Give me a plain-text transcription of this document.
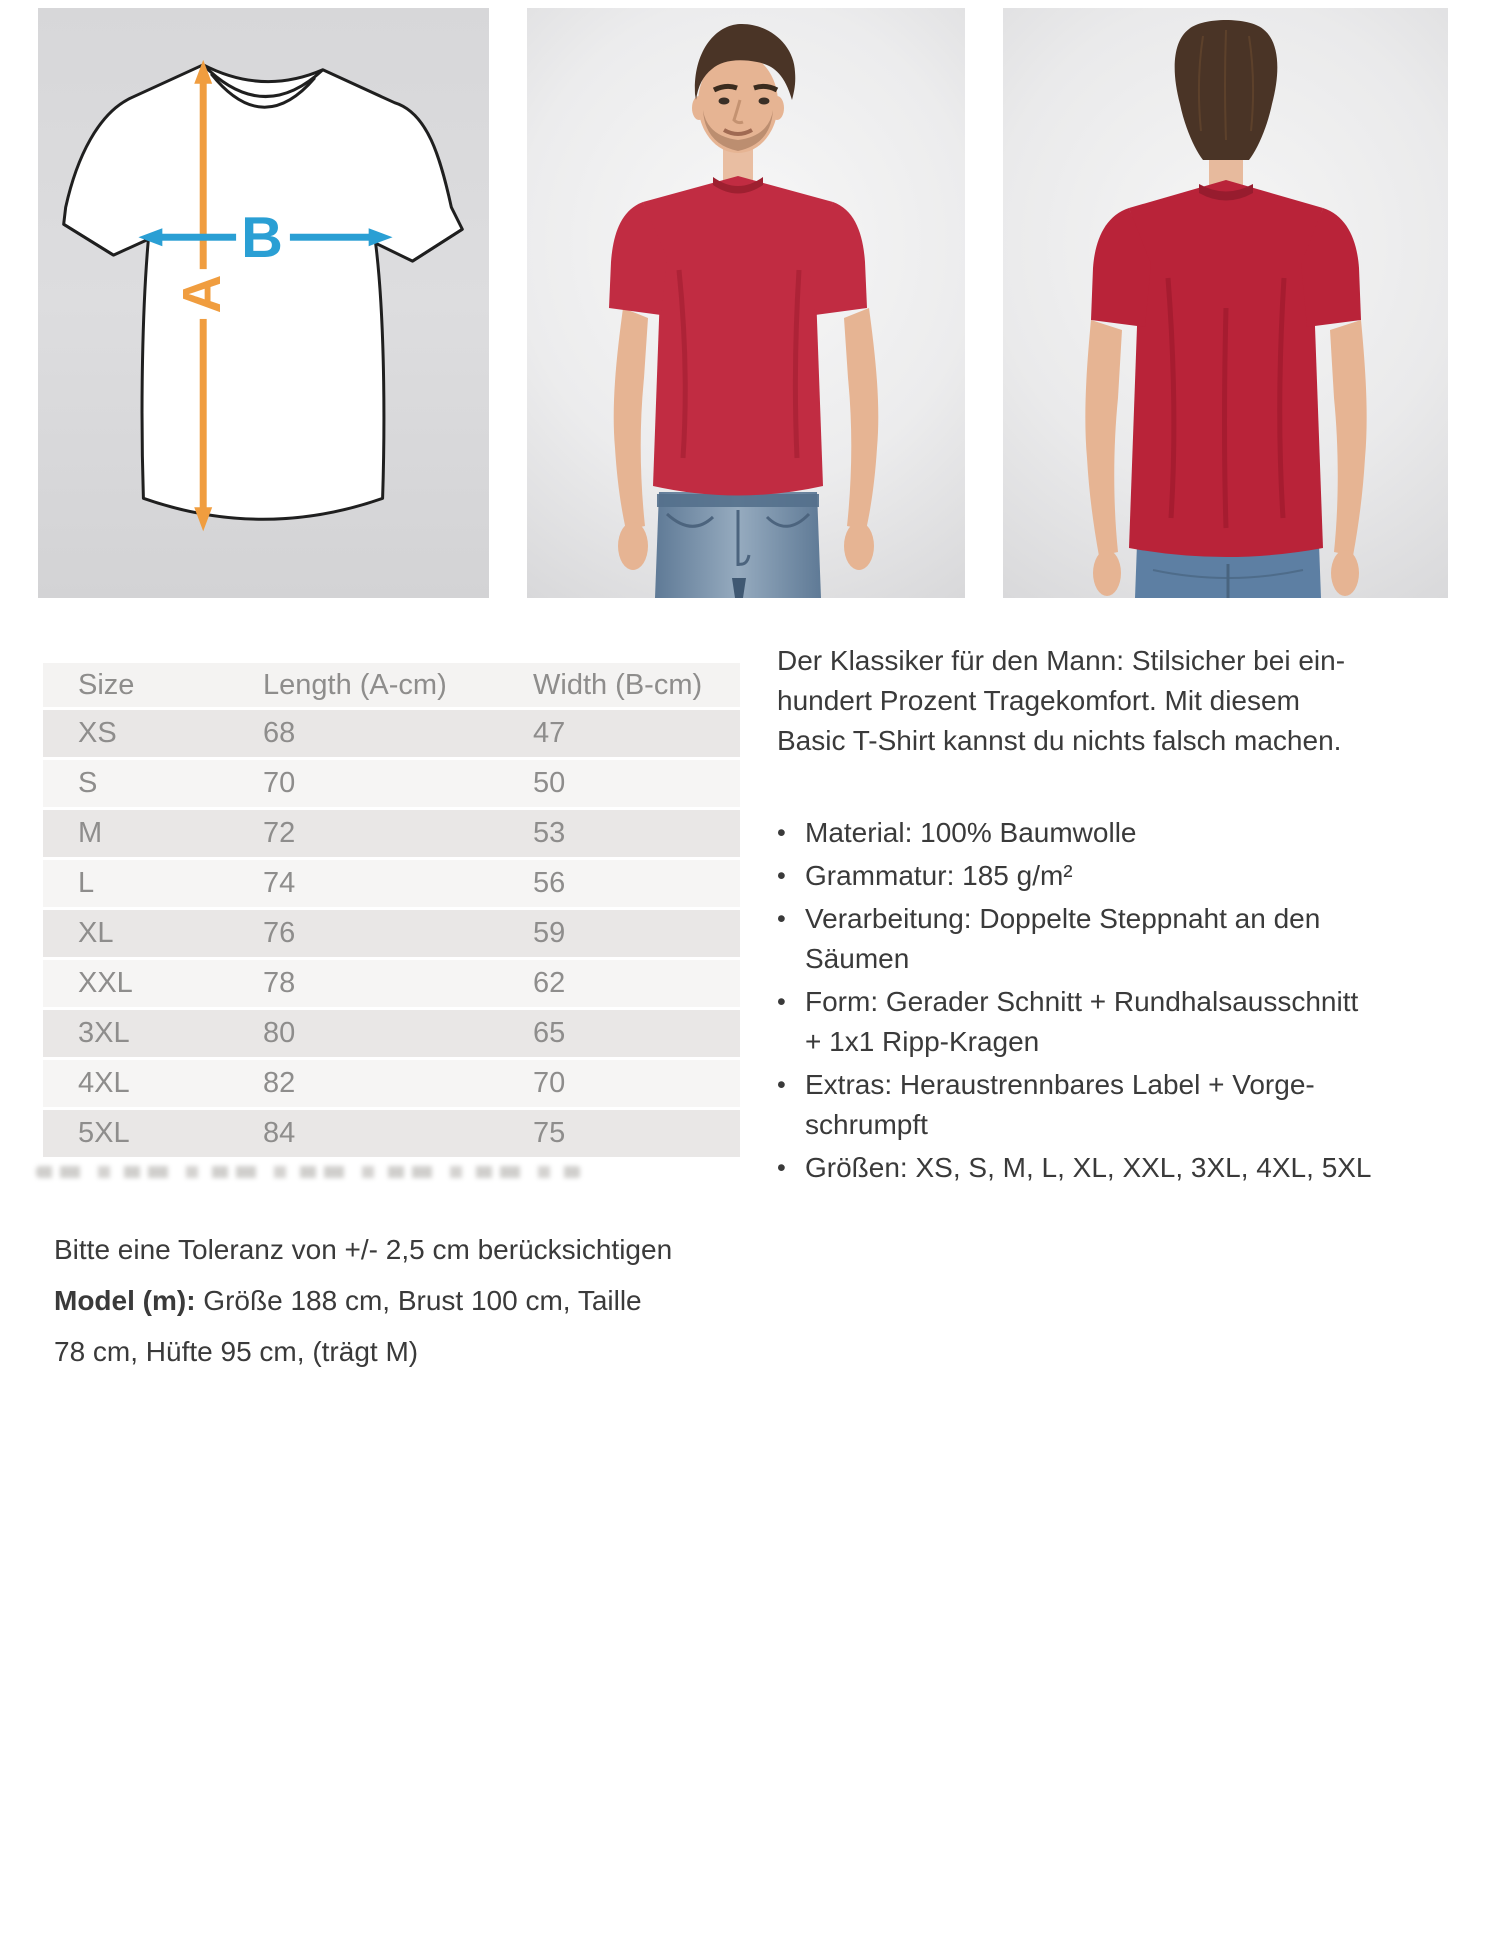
A
B
Size	Length (A-cm)	Width (B-cm)
XS	68	47
S	70	50
M	72	53
L	74	56
XL	76	59
XXL	78	62
3XL	80	65
4XL	82	70
5XL	84	75
Der Klassiker für den Mann: Stilsicher bei ein-
hundert Prozent Tragekomfort. Mit diesem
Basic T-Shirt kannst du nichts falsch machen.
• Material: 100% Baumwolle
• Grammatur: 185 g/m²
• Verarbeitung: Doppelte Steppnaht an den
Säumen
• Form: Gerader Schnitt + Rundhalsausschnitt
+ 1x1 Ripp-Kragen
• Extras: Heraustrennbares Label + Vorge-
schrumpft
• Größen: XS, S, M, L, XL, XXL, 3XL, 4XL, 5XL
Bitte eine Toleranz von +/- 2,5 cm berücksichtigen
Model (m): Größe 188 cm, Brust 100 cm, Taille
78 cm, Hüfte 95 cm, (trägt M)
